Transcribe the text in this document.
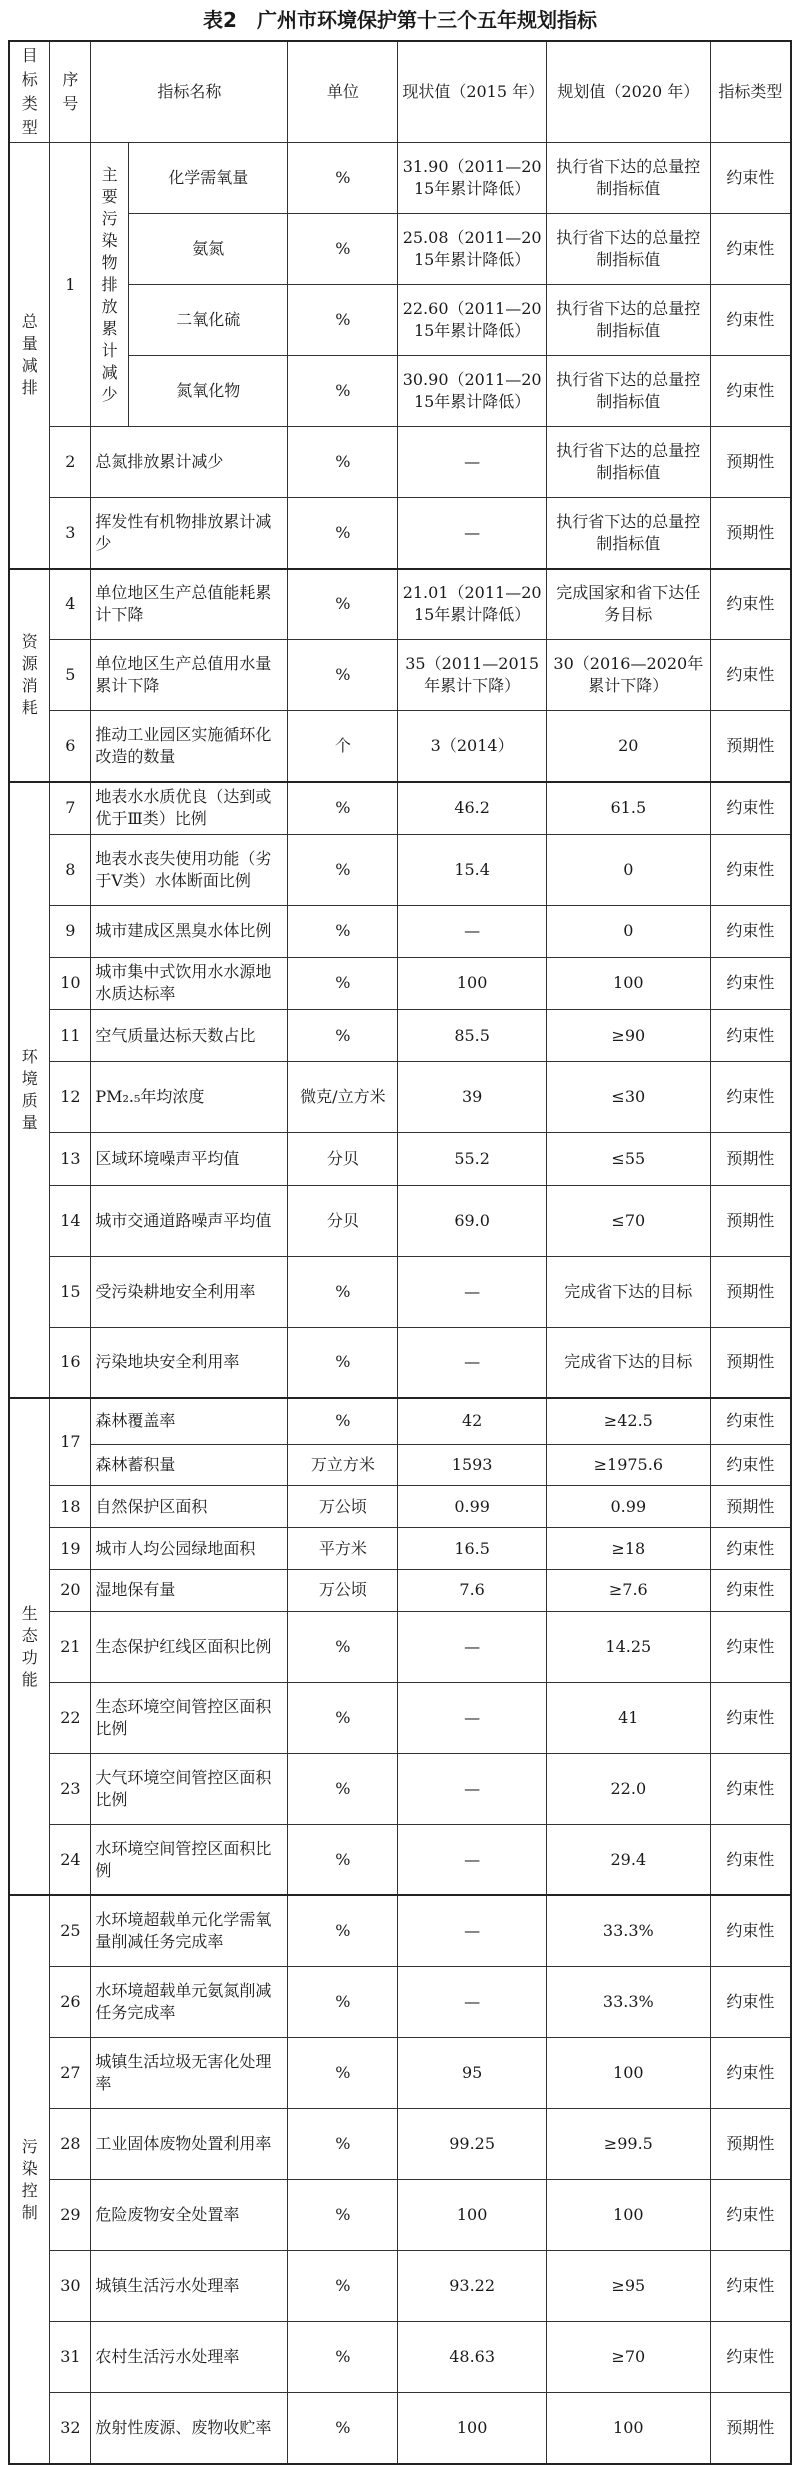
表2　广州市环境保护第十三个五年规划指标
目标类型	序号	指标名称		单位	现状值（2015 年）	规划值（2020 年）	指标类型
总量减排	1	主要污染物排放累计减少	化学需氧量	%	31.90（2011—2015年累计降低）	执行省下达的总量控制指标值	约束性
			氨氮	%	25.08（2011—2015年累计降低）	执行省下达的总量控制指标值	约束性
			二氧化硫	%	22.60（2011—2015年累计降低）	执行省下达的总量控制指标值	约束性
			氮氧化物	%	30.90（2011—2015年累计降低）	执行省下达的总量控制指标值	约束性
	2	总氮排放累计减少		%	—	执行省下达的总量控制指标值	预期性
	3	挥发性有机物排放累计减少		%	—	执行省下达的总量控制指标值	预期性
资源消耗	4	单位地区生产总值能耗累计下降		%	21.01（2011—2015年累计降低）	完成国家和省下达任务目标	约束性
	5	单位地区生产总值用水量累计下降		%	35（2011—2015年累计下降）	30（2016—2020年累计下降）	约束性
	6	推动工业园区实施循环化改造的数量		个	3（2014）	20	预期性
环境质量	7	地表水水质优良（达到或优于Ⅲ类）比例		%	46.2	61.5	约束性
	8	地表水丧失使用功能（劣于Ⅴ类）水体断面比例		%	15.4	0	约束性
	9	城市建成区黑臭水体比例		%	—	0	约束性
	10	城市集中式饮用水水源地水质达标率		%	100	100	约束性
	11	空气质量达标天数占比		%	85.5	≥90	约束性
	12	PM₂.₅年均浓度		微克/立方米	39	≤30	约束性
	13	区域环境噪声平均值		分贝	55.2	≤55	预期性
	14	城市交通道路噪声平均值		分贝	69.0	≤70	预期性
	15	受污染耕地安全利用率		%	—	完成省下达的目标	预期性
	16	污染地块安全利用率		%	—	完成省下达的目标	预期性
生态功能	17	森林覆盖率		%	42	≥42.5	约束性
		森林蓄积量		万立方米	1593	≥1975.6	约束性
	18	自然保护区面积		万公顷	0.99	0.99	预期性
	19	城市人均公园绿地面积		平方米	16.5	≥18	约束性
	20	湿地保有量		万公顷	7.6	≥7.6	约束性
	21	生态保护红线区面积比例		%	—	14.25	约束性
	22	生态环境空间管控区面积比例		%	—	41	约束性
	23	大气环境空间管控区面积比例		%	—	22.0	约束性
	24	水环境空间管控区面积比例		%	—	29.4	约束性
污染控制	25	水环境超载单元化学需氧量削减任务完成率		%	—	33.3%	约束性
	26	水环境超载单元氨氮削减任务完成率		%	—	33.3%	约束性
	27	城镇生活垃圾无害化处理率		%	95	100	约束性
	28	工业固体废物处置利用率		%	99.25	≥99.5	预期性
	29	危险废物安全处置率		%	100	100	约束性
	30	城镇生活污水处理率		%	93.22	≥95	约束性
	31	农村生活污水处理率		%	48.63	≥70	约束性
	32	放射性废源、废物收贮率		%	100	100	预期性
